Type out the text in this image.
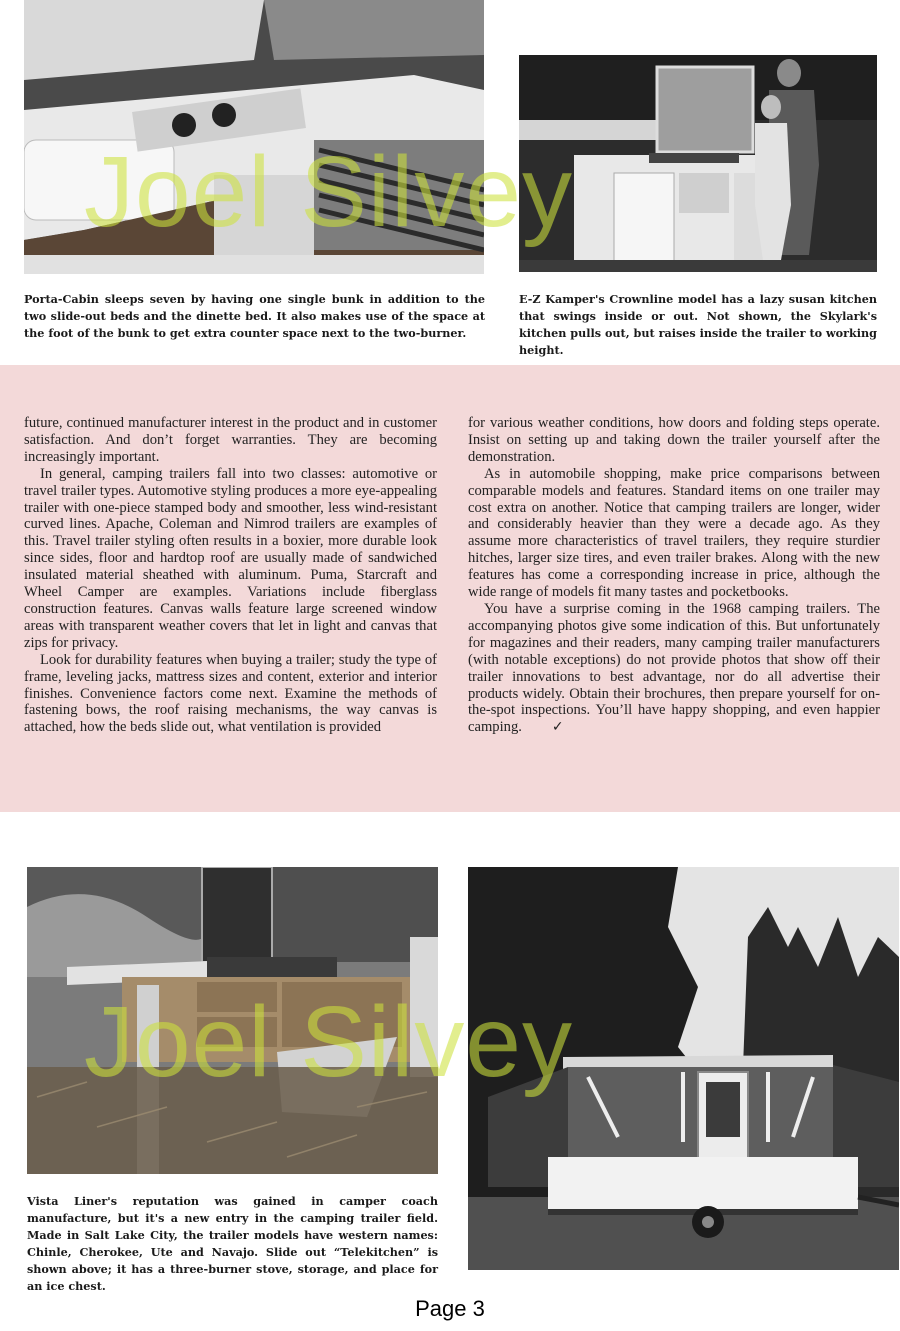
Porta-Cabin sleeps seven by having one single bunk in addition to the two slide-out beds and the dinette bed. It also makes use of the space at the foot of the bunk to get extra counter space next to the two-burner.
E-Z Kamper's Crownline model has a lazy susan kitchen that swings inside or out. Not shown, the Skylark's kitchen pulls out, but raises inside the trailer to working height.

future, continued manufacturer interest in the product and in customer satisfaction. And don’t forget warranties. They are becoming increasingly important.

In general, camping trailers fall into two classes: automotive or travel trailer types. Automotive styling produces a more eye-appealing trailer with one-piece stamped body and smoother, less wind-resistant curved lines. Apache, Coleman and Nimrod trailers are examples of this. Travel trailer styling often results in a boxier, more durable look since sides, floor and hardtop roof are usually made of sandwiched insulated material sheathed with aluminum. Puma, Starcraft and Wheel Camper are examples. Variations include fiberglass construction features. Canvas walls feature large screened window areas with transparent weather covers that let in light and canvas that zips for privacy.

Look for durability features when buying a trailer; study the type of frame, leveling jacks, mattress sizes and content, exterior and interior finishes. Convenience factors come next. Examine the methods of fastening bows, the roof raising mechanisms, the way canvas is attached, how the beds slide out, what ventilation is provided

for various weather conditions, how doors and folding steps operate. Insist on setting up and taking down the trailer yourself after the demonstration.

As in automobile shopping, make price comparisons between comparable models and features. Standard items on one trailer may cost extra on another. Notice that camping trailers are longer, wider and considerably heavier than they were a decade ago. As they assume more characteristics of travel trailers, they require sturdier hitches, larger size tires, and even trailer brakes. Along with the new features has come a corresponding increase in price, although the wide range of models fit many tastes and pocketbooks.

You have a surprise coming in the 1968 camping trailers. The accompanying photos give some indication of this. But unfortunately for magazines and their readers, many camping trailer manufacturers (with notable exceptions) do not provide photos that show off their trailer innovations to best advantage, nor do all advertise their products widely. Obtain their brochures, then prepare yourself for on-the-spot inspections. You’ll have happy shopping, and even happier camping. ✓

Vista Liner's reputation was gained in camper coach manufacture, but it's a new entry in the camping trailer field. Made in Salt Lake City, the trailer models have western names: Chinle, Cherokee, Ute and Navajo. Slide out “Telekitchen” is shown above; it has a three-burner stove, storage, and place for an ice chest.
Joel Silvey
Joel Silvey
Page 3
